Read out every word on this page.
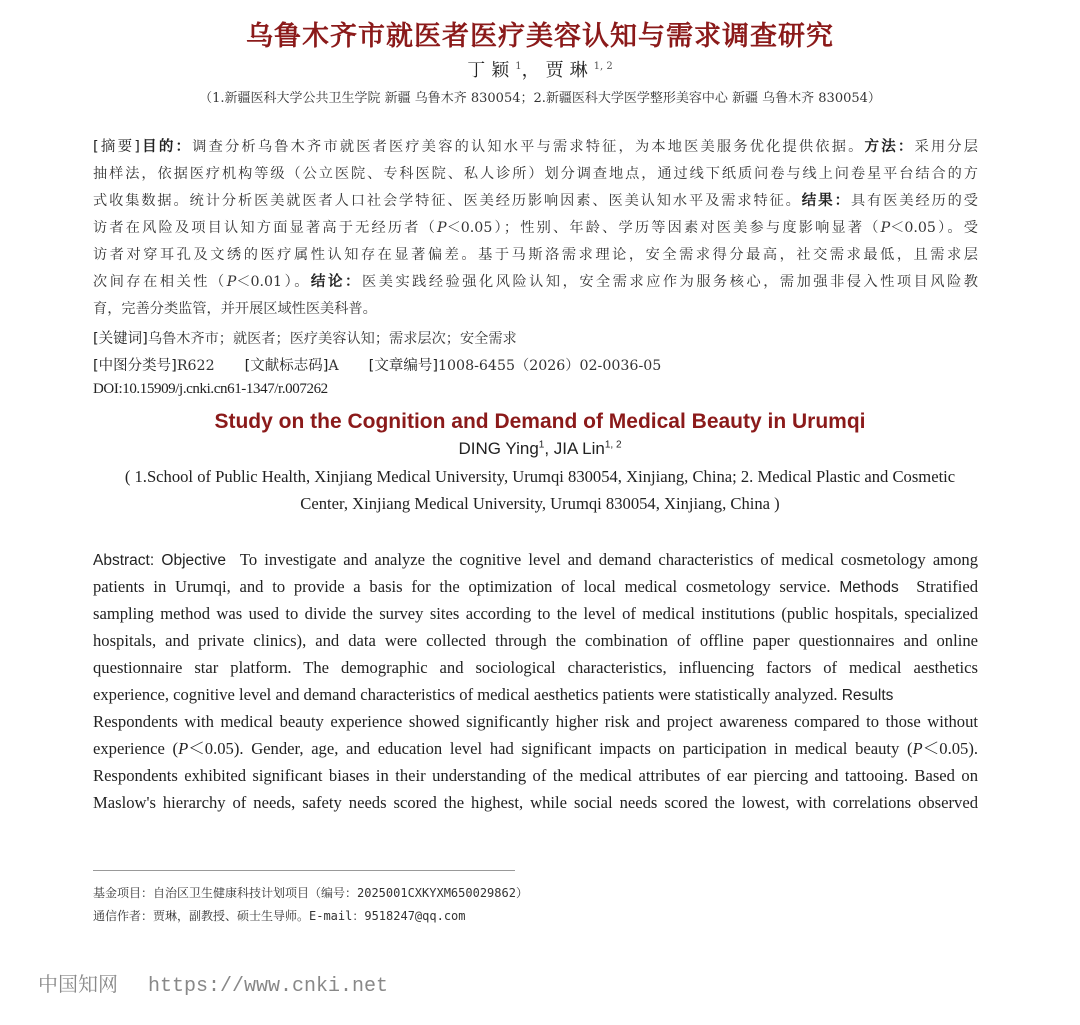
乌鲁木齐市就医者医疗美容认知与需求调查研究
丁颖$^1$，贾琳$^{1, 2}$
（1.新疆医科大学公共卫生学院 新疆 乌鲁木齐 830054；2.新疆医科大学医学整形美容中心 新疆 乌鲁木齐 830054）
[摘要]目的：调查分析乌鲁木齐市就医者医疗美容的认知水平与需求特征，为本地医美服务优化提供依据。方法：采用分层
抽样法，依据医疗机构等级（公立医院、专科医院、私人诊所）划分调查地点，通过线下纸质问卷与线上问卷星平台结合的方
式收集数据。统计分析医美就医者人口社会学特征、医美经历影响因素、医美认知水平及需求特征。结果：具有医美经历的受
访者在风险及项目认知方面显著高于无经历者（P＜0.05）；性别、年龄、学历等因素对医美参与度影响显著（P＜0.05）。受
访者对穿耳孔及文绣的医疗属性认知存在显著偏差。基于马斯洛需求理论，安全需求得分最高，社交需求最低，且需求层
次间存在相关性（P＜0.01）。结论：医美实践经验强化风险认知，安全需求应作为服务核心，需加强非侵入性项目风险教
育，完善分类监管，并开展区域性医美科普。
[关键词]乌鲁木齐市；就医者；医疗美容认知；需求层次；安全需求
[中图分类号]R622 [文献标志码]A [文章编号]1008-6455（2026）02-0036-05
DOI:10.15909/j.cnki.cn61-1347/r.007262
Study on the Cognition and Demand of Medical Beauty in Urumqi
DING Ying$^1$, JIA Lin$^{1, 2}$
( 1.School of Public Health, Xinjiang Medical University, Urumqi 830054, Xinjiang, China; 2. Medical Plastic and Cosmetic
Center, Xinjiang Medical University, Urumqi 830054, Xinjiang, China )
Abstract: Objective  To investigate and analyze the cognitive level and demand characteristics of medical cosmetology among
patients in Urumqi, and to provide a basis for the optimization of local medical cosmetology service. Methods  Stratified
sampling method was used to divide the survey sites according to the level of medical institutions (public hospitals, specialized
hospitals, and private clinics), and data were collected through the combination of offline paper questionnaires and online
questionnaire star platform. The demographic and sociological characteristics, influencing factors of medical aesthetics
experience, cognitive level and demand characteristics of medical aesthetics patients were statistically analyzed. Results
Respondents with medical beauty experience showed significantly higher risk and project awareness compared to those without
experience (P＜0.05). Gender, age, and education level had significant impacts on participation in medical beauty (P＜0.05).
Respondents exhibited significant biases in their understanding of the medical attributes of ear piercing and tattooing. Based on
Maslow's hierarchy of needs, safety needs scored the highest, while social needs scored the lowest, with correlations observed
基金项目：自治区卫生健康科技计划项目（编号：2025001CXKYXM650029862）
通信作者：贾琳，副教授、硕士生导师。E-mail：9518247@qq.com
中国知网 https://www.cnki.net
